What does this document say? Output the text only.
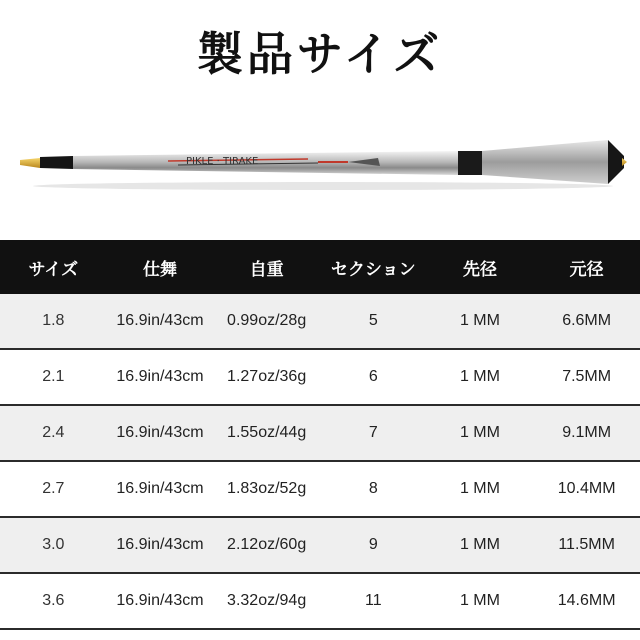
製品サイズ
PIKLE ⋅ TIRAKE
サイズ	仕舞	自重	セクション	先径	元径
1.8	16.9in/43cm	0.99oz/28g	5	1 MM	6.6MM
2.1	16.9in/43cm	1.27oz/36g	6	1 MM	7.5MM
2.4	16.9in/43cm	1.55oz/44g	7	1 MM	9.1MM
2.7	16.9in/43cm	1.83oz/52g	8	1 MM	10.4MM
3.0	16.9in/43cm	2.12oz/60g	9	1 MM	11.5MM
3.6	16.9in/43cm	3.32oz/94g	11	1 MM	14.6MM
